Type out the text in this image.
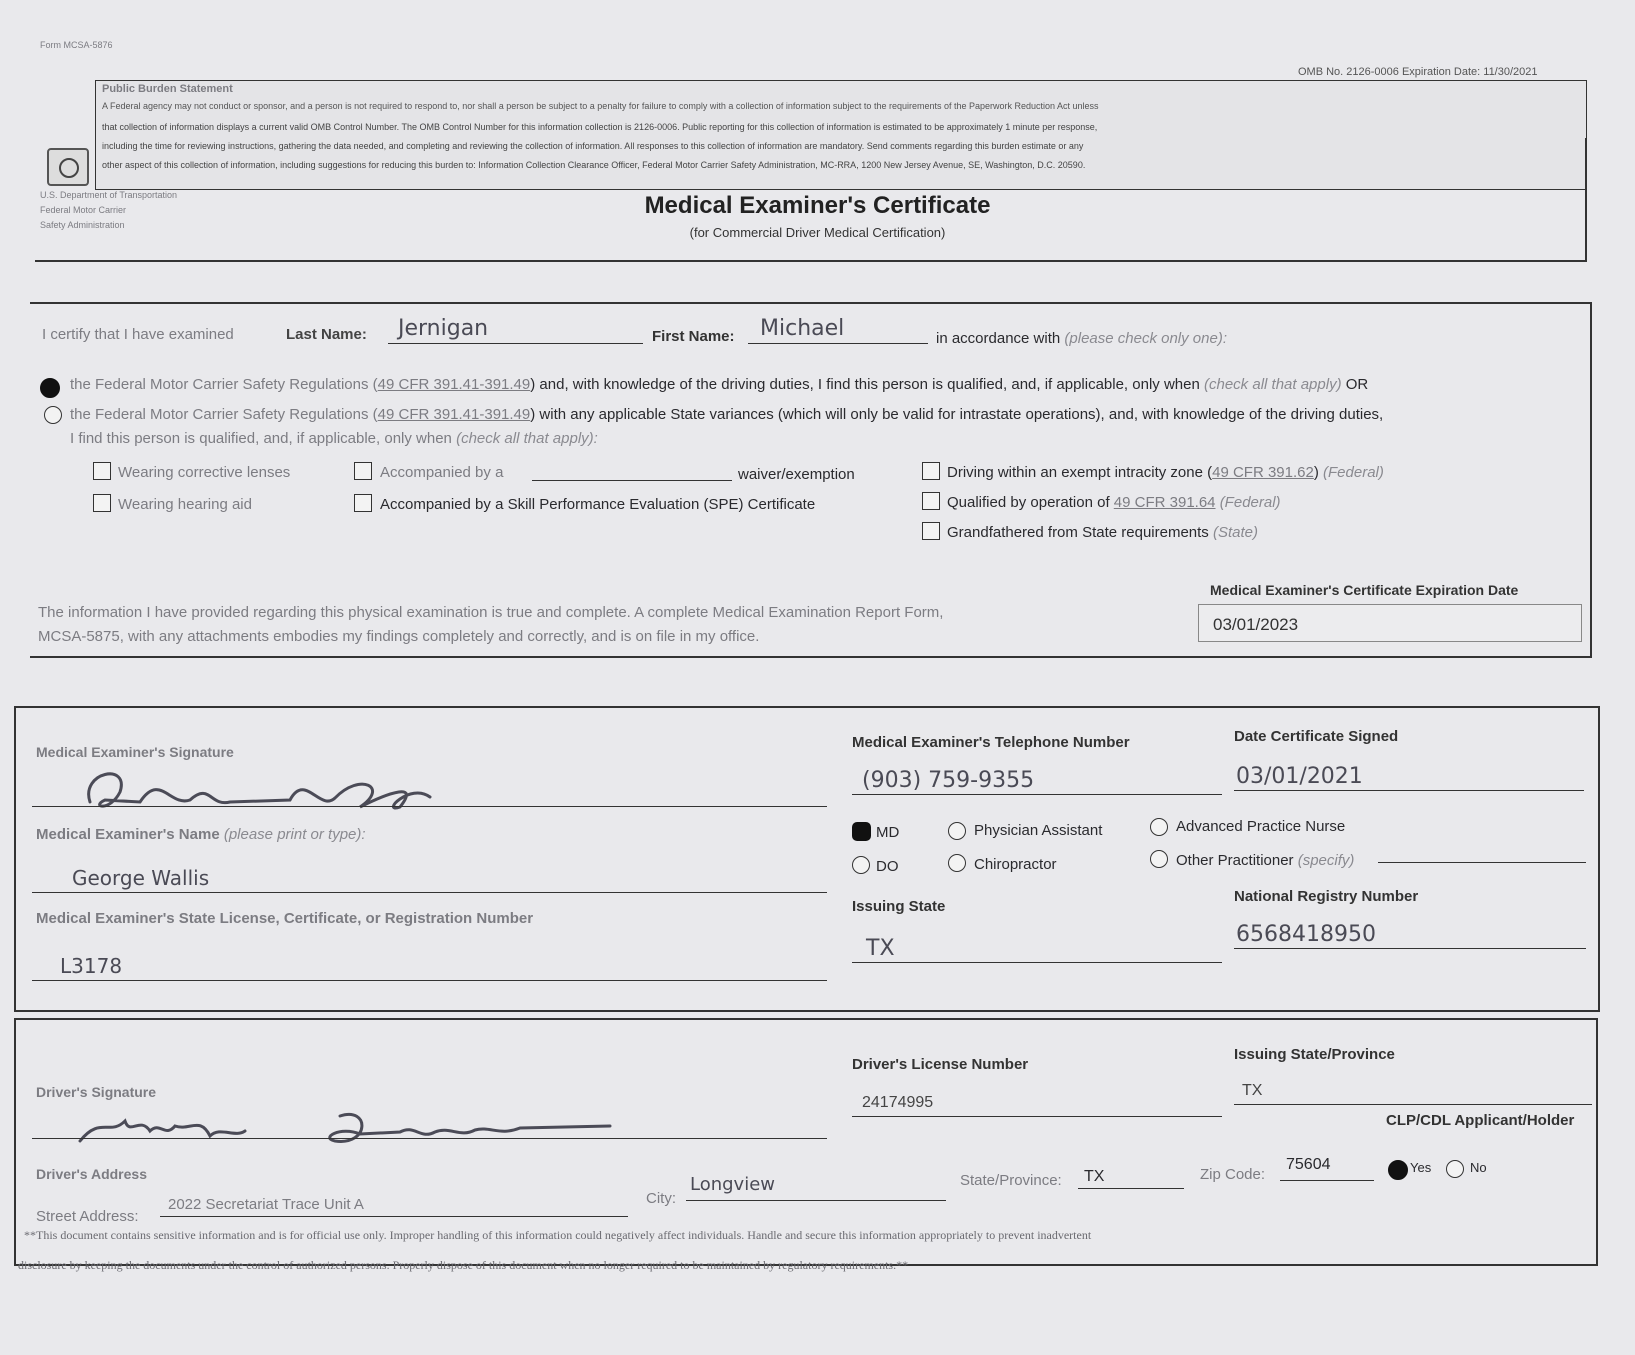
Form MCSA-5876
OMB No. 2126-0006 Expiration Date: 11/30/2021
Public Burden Statement
A Federal agency may not conduct or sponsor, and a person is not required to respond to, nor shall a person be subject to a penalty for failure to comply with a collection of information subject to the requirements of the Paperwork Reduction Act unless
that collection of information displays a current valid OMB Control Number. The OMB Control Number for this information collection is 2126-0006. Public reporting for this collection of information is estimated to be approximately 1 minute per response,
including the time for reviewing instructions, gathering the data needed, and completing and reviewing the collection of information. All responses to this collection of information are mandatory. Send comments regarding this burden estimate or any
other aspect of this collection of information, including suggestions for reducing this burden to: Information Collection Clearance Officer, Federal Motor Carrier Safety Administration, MC-RRA, 1200 New Jersey Avenue, SE, Washington, D.C. 20590.
U.S. Department of Transportation
Federal Motor Carrier
Safety Administration
Medical Examiner's Certificate
(for Commercial Driver Medical Certification)
I certify that I have examined	Last Name: Jernigan	First Name: Michael	in accordance with (please check only one):
the Federal Motor Carrier Safety Regulations (49 CFR 391.41-391.49) and, with knowledge of the driving duties, I find this person is qualified, and, if applicable, only when (check all that apply) OR
the Federal Motor Carrier Safety Regulations (49 CFR 391.41-391.49) with any applicable State variances (which will only be valid for intrastate operations), and, with knowledge of the driving duties,
I find this person is qualified, and, if applicable, only when (check all that apply):
Wearing corrective lenses
Wearing hearing aid
Accompanied by a	waiver/exemption
Accompanied by a Skill Performance Evaluation (SPE) Certificate
Driving within an exempt intracity zone (49 CFR 391.62) (Federal)
Qualified by operation of 49 CFR 391.64 (Federal)
Grandfathered from State requirements (State)
Medical Examiner's Certificate Expiration Date
The information I have provided regarding this physical examination is true and complete. A complete Medical Examination Report Form,
MCSA-5875, with any attachments embodies my findings completely and correctly, and is on file in my office.
03/01/2023
Medical Examiner's Signature
Medical Examiner's Telephone Number
(903) 759-9355
Date Certificate Signed
03/01/2021
Medical Examiner's Name (please print or type):
George Wallis
MD	Physician Assistant	Advanced Practice Nurse
DO	Chiropractor	Other Practitioner (specify)
Medical Examiner's State License, Certificate, or Registration Number
L3178
Issuing State
TX
National Registry Number
6568418950
Driver's License Number
24174995
Issuing State/Province
TX
Driver's Signature
CLP/CDL Applicant/Holder
Driver's Address
Street Address:
2022 Secretariat Trace Unit A	City:
Longview	State/Province: TX	Zip Code:
75604	Yes	No
**This document contains sensitive information and is for official use only. Improper handling of this information could negatively affect individuals. Handle and secure this information appropriately to prevent inadvertent
disclosure by keeping the documents under the control of authorized persons. Properly dispose of this document when no longer required to be maintained by regulatory requirements.**
